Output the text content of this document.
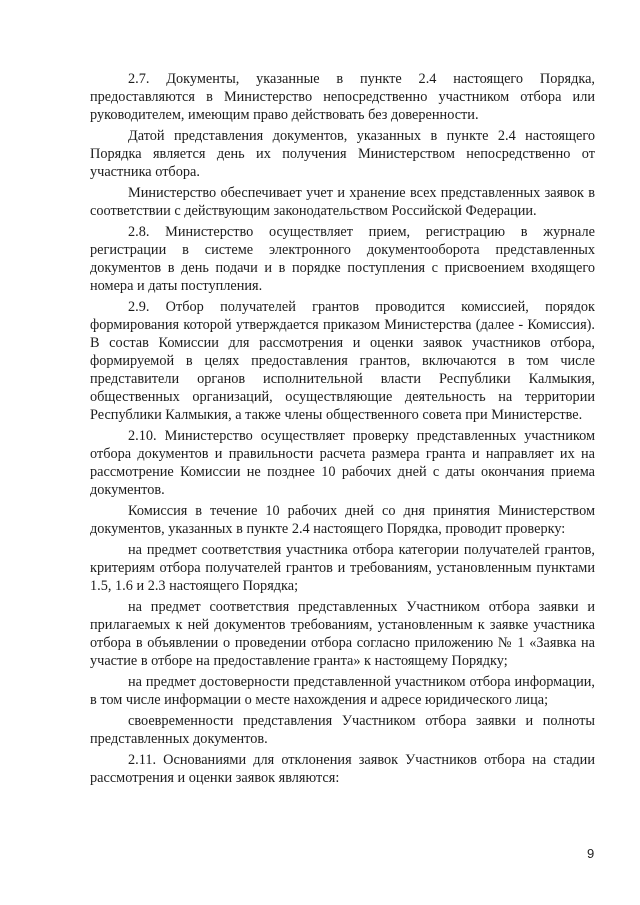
2.7. Документы, указанные в пункте 2.4 настоящего Порядка, предоставляются в Министерство непосредственно участником отбора или руководителем, имеющим право действовать без доверенности.

Датой представления документов, указанных в пункте 2.4 настоящего Порядка является день их получения Министерством непосредственно от участника отбора.

Министерство обеспечивает учет и хранение всех представленных заявок в соответствии с действующим законодательством Российской Федерации.

2.8. Министерство осуществляет прием, регистрацию в журнале регистрации в системе электронного документооборота представленных документов в день подачи и в порядке поступления с присвоением входящего номера и даты поступления.

2.9. Отбор получателей грантов проводится комиссией, порядок формирования которой утверждается приказом Министерства (далее - Комиссия). В состав Комиссии для рассмотрения и оценки заявок участников отбора, формируемой в целях предоставления грантов, включаются в том числе представители органов исполнительной власти Республики Калмыкия, общественных организаций, осуществляющие деятельность на территории Республики Калмыкия, а также члены общественного совета при Министерстве.

2.10. Министерство осуществляет проверку представленных участником отбора документов и правильности расчета размера гранта и направляет их на рассмотрение Комиссии не позднее 10 рабочих дней с даты окончания приема документов.

Комиссия в течение 10 рабочих дней со дня принятия Министерством документов, указанных в пункте 2.4 настоящего Порядка, проводит проверку:

на предмет соответствия участника отбора категории получателей грантов, критериям отбора получателей грантов и требованиям, установленным пунктами 1.5, 1.6 и 2.3 настоящего Порядка;

на предмет соответствия представленных Участником отбора заявки и прилагаемых к ней документов требованиям, установленным к заявке участника отбора в объявлении о проведении отбора согласно приложению № 1 «Заявка на участие в отборе на предоставление гранта» к настоящему Порядку;

на предмет достоверности представленной участником отбора информации, в том числе информации о месте нахождения и адресе юридического лица;

своевременности представления Участником отбора заявки и полноты представленных документов.

2.11. Основаниями для отклонения заявок Участников отбора на стадии рассмотрения и оценки заявок являются:

9
